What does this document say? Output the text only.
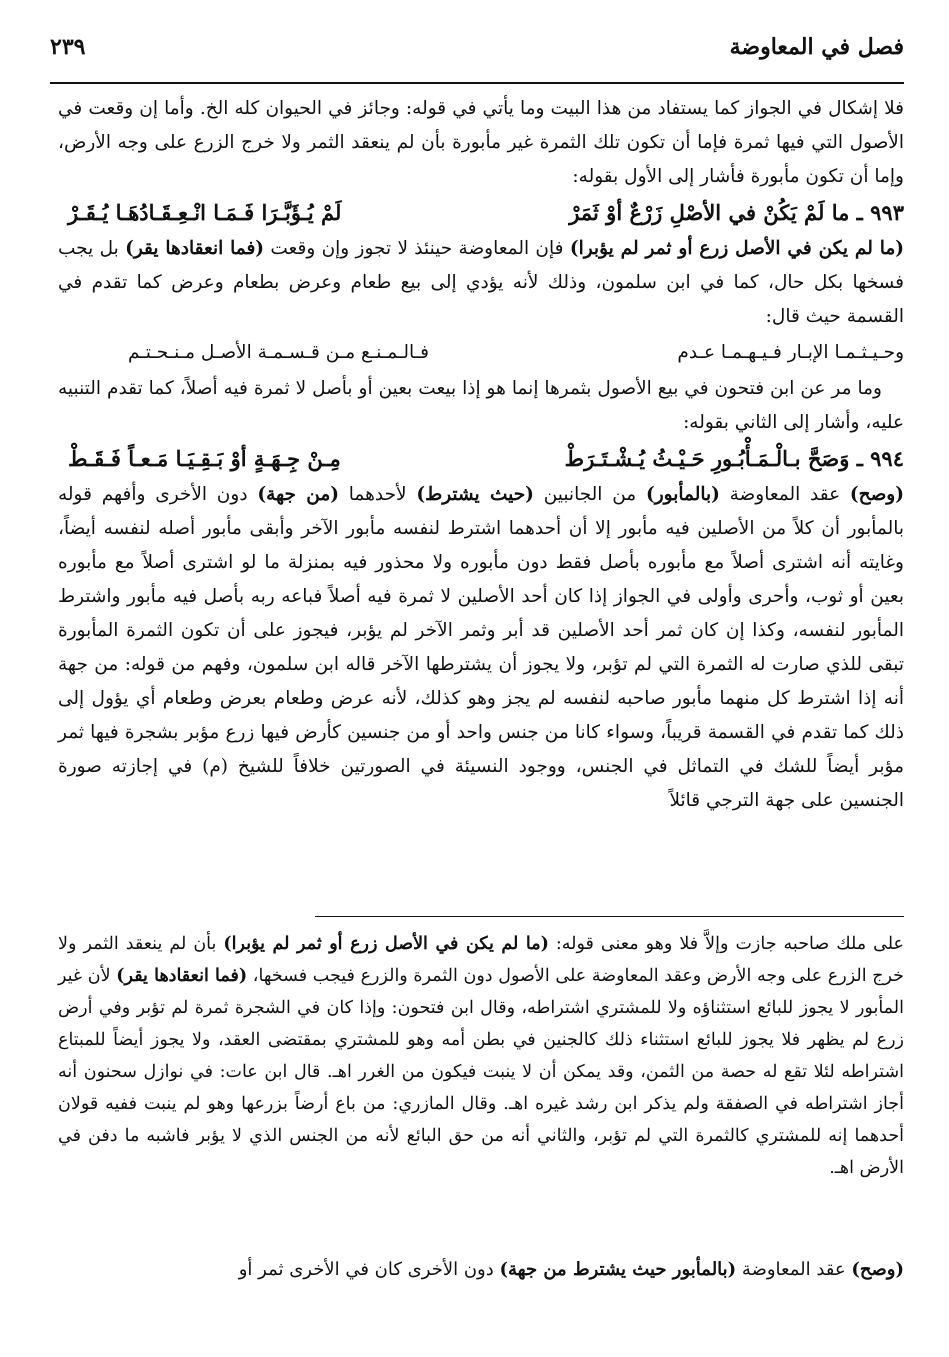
فصل في المعاوضة
٢٣٩

فلا إشكال في الجواز كما يستفاد من هذا البيت وما يأتي في قوله: وجائز في الحيوان كله الخ. وأما إن وقعت في الأصول التي فيها ثمرة فإما أن تكون تلك الثمرة غير مأبورة بأن لم ينعقد الثمر ولا خرج الزرع على وجه الأرض، وإما أن تكون مأبورة فأشار إلى الأول بقوله:

٩٩٣ ـ ما لَمْ يَكُنْ في الأصْلِ زَرْعٌ أوْ ثَمَرْ
لَمْ يُـؤَبَّـرَا فَـمَـا انْـعِـقَـادُهَـا يُـقَـرْ

(ما لم يكن في الأصل زرع أو ثمر لم يؤبرا) فإن المعاوضة حينئذ لا تجوز وإن وقعت (فما انعقادها يقر) بل يجب فسخها بكل حال، كما في ابن سلمون، وذلك لأنه يؤدي إلى بيع طعام وعرض بطعام وعرض كما تقدم في القسمة حيث قال:

وحـيـثـمـا الإبـار فـيـهـمـا عـدم
فـالـمـنـع مـن قـسـمـة الأصـل مـنـحـتـم

وما مر عن ابن فتحون في بيع الأصول بثمرها إنما هو إذا بيعت بعين أو بأصل لا ثمرة فيه أصلاً، كما تقدم التنبيه عليه، وأشار إلى الثاني بقوله:

٩٩٤ ـ وَصَحَّ بـالْـمَـأْبُـورِ حَـيْـثُ يُـشْـتَـرَطْ
مِـنْ جِـهَـةٍ أوْ بَـقِـيَـا مَـعـاً فَـقَـطْ

(وصح) عقد المعاوضة (بالمأبور) من الجانبين (حيث يشترط) لأحدهما (من جهة) دون الأخرى وأفهم قوله بالمأبور أن كلاً من الأصلين فيه مأبور إلا أن أحدهما اشترط لنفسه مأبور الآخر وأبقى مأبور أصله لنفسه أيضاً، وغايته أنه اشترى أصلاً مع مأبوره بأصل فقط دون مأبوره ولا محذور فيه بمنزلة ما لو اشترى أصلاً مع مأبوره بعين أو ثوب، وأحرى وأولى في الجواز إذا كان أحد الأصلين لا ثمرة فيه أصلاً فباعه ربه بأصل فيه مأبور واشترط المأبور لنفسه، وكذا إن كان ثمر أحد الأصلين قد أبر وثمر الآخر لم يؤبر، فيجوز على أن تكون الثمرة المأبورة تبقى للذي صارت له الثمرة التي لم تؤبر، ولا يجوز أن يشترطها الآخر قاله ابن سلمون، وفهم من قوله: من جهة أنه إذا اشترط كل منهما مأبور صاحبه لنفسه لم يجز وهو كذلك، لأنه عرض وطعام بعرض وطعام أي يؤول إلى ذلك كما تقدم في القسمة قريباً، وسواء كانا من جنس واحد أو من جنسين كأرض فيها زرع مؤبر بشجرة فيها ثمر مؤبر أيضاً للشك في التماثل في الجنس، ووجود النسيئة في الصورتين خلافاً للشيخ (م) في إجازته صورة الجنسين على جهة الترجي قائلاً

على ملك صاحبه جازت وإلاَّ فلا وهو معنى قوله: (ما لم يكن في الأصل زرع أو ثمر لم يؤبرا) بأن لم ينعقد الثمر ولا خرج الزرع على وجه الأرض وعقد المعاوضة على الأصول دون الثمرة والزرع فيجب فسخها، (فما انعقادها يقر) لأن غير المأبور لا يجوز للبائع استثناؤه ولا للمشتري اشتراطه، وقال ابن فتحون: وإذا كان في الشجرة ثمرة لم تؤبر وفي أرض زرع لم يظهر فلا يجوز للبائع استثناء ذلك كالجنين في بطن أمه وهو للمشتري بمقتضى العقد، ولا يجوز أيضاً للمبتاع اشتراطه لئلا تقع له حصة من الثمن، وقد يمكن أن لا ينبت فيكون من الغرر اهـ. قال ابن عات: في نوازل سحنون أنه أجاز اشتراطه في الصفقة ولم يذكر ابن رشد غيره اهـ. وقال المازري: من باع أرضاً بزرعها وهو لم ينبت ففيه قولان أحدهما إنه للمشتري كالثمرة التي لم تؤبر، والثاني أنه من حق البائع لأنه من الجنس الذي لا يؤبر فاشبه ما دفن في الأرض اهـ.

(وصح) عقد المعاوضة (بالمأبور حيث يشترط من جهة) دون الأخرى كان في الأخرى ثمر أو
